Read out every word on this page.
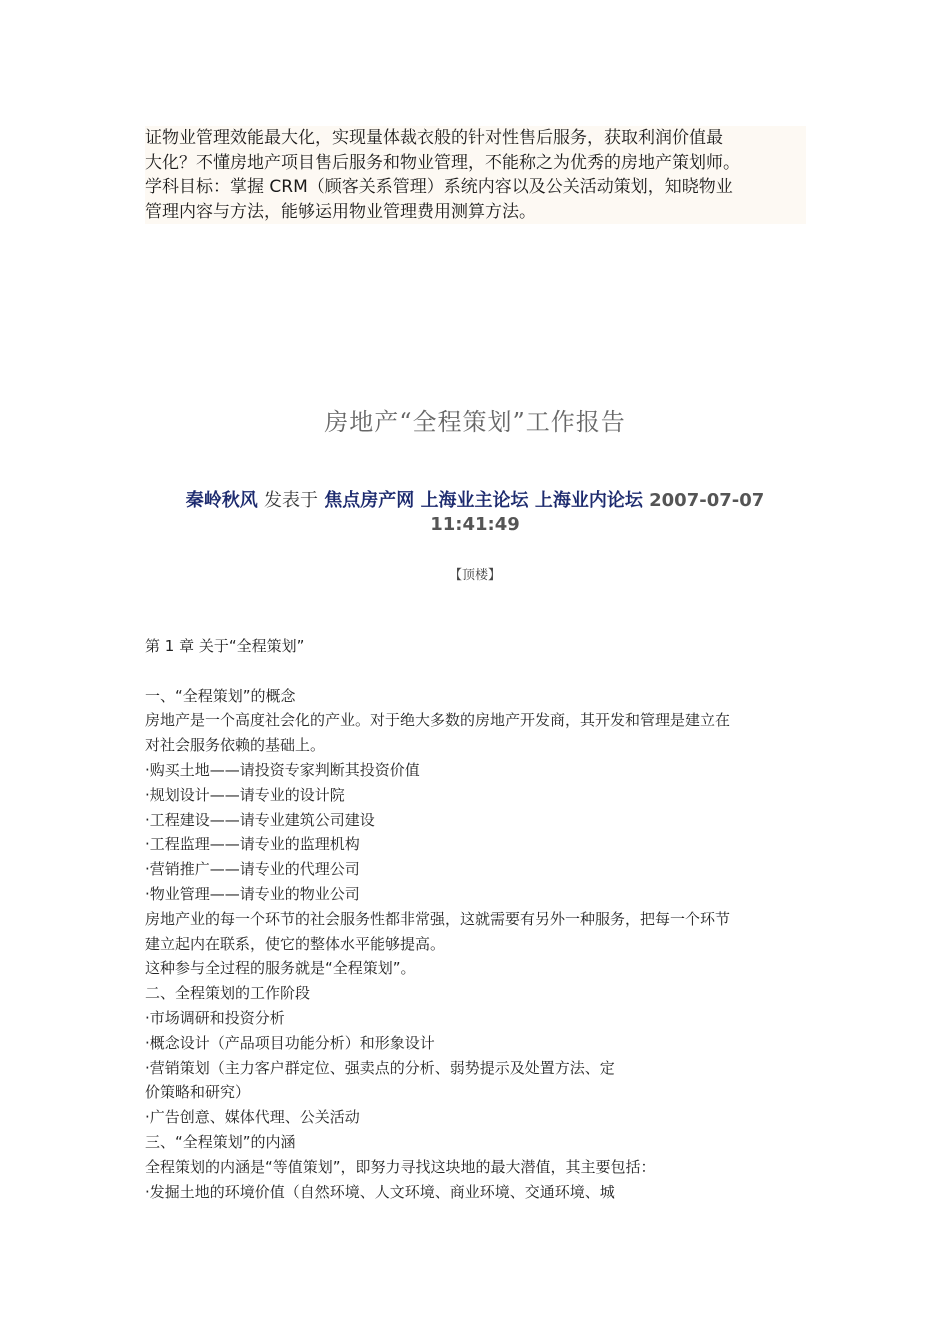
证物业管理效能最大化，实现量体裁衣般的针对性售后服务，获取利润价值最

大化？不懂房地产项目售后服务和物业管理，不能称之为优秀的房地产策划师。

学科目标：掌握 CRM（顾客关系管理）系统内容以及公关活动策划，知晓物业

管理内容与方法，能够运用物业管理费用测算方法。

房地产“全程策划”工作报告
秦岭秋风 发表于 焦点房产网 上海业主论坛 上海业内论坛 2007-07-07
11:41:49
【顶楼】
第 1 章 关于“全程策划”
一、“全程策划”的概念
房地产是一个高度社会化的产业。对于绝大多数的房地产开发商，其开发和管理是建立在
对社会服务依赖的基础上。
·购买土地——请投资专家判断其投资价值
·规划设计——请专业的设计院
·工程建设——请专业建筑公司建设
·工程监理——请专业的监理机构
·营销推广——请专业的代理公司
·物业管理——请专业的物业公司
房地产业的每一个环节的社会服务性都非常强，这就需要有另外一种服务，把每一个环节
建立起内在联系，使它的整体水平能够提高。
这种参与全过程的服务就是“全程策划”。
二、全程策划的工作阶段
·市场调研和投资分析
·概念设计（产品项目功能分析）和形象设计
·营销策划（主力客户群定位、强卖点的分析、弱势提示及处置方法、定
价策略和研究）
·广告创意、媒体代理、公关活动
三、“全程策划”的内涵
全程策划的内涵是“等值策划”，即努力寻找这块地的最大潜值，其主要包括：
·发掘土地的环境价值（自然环境、人文环境、商业环境、交通环境、城
